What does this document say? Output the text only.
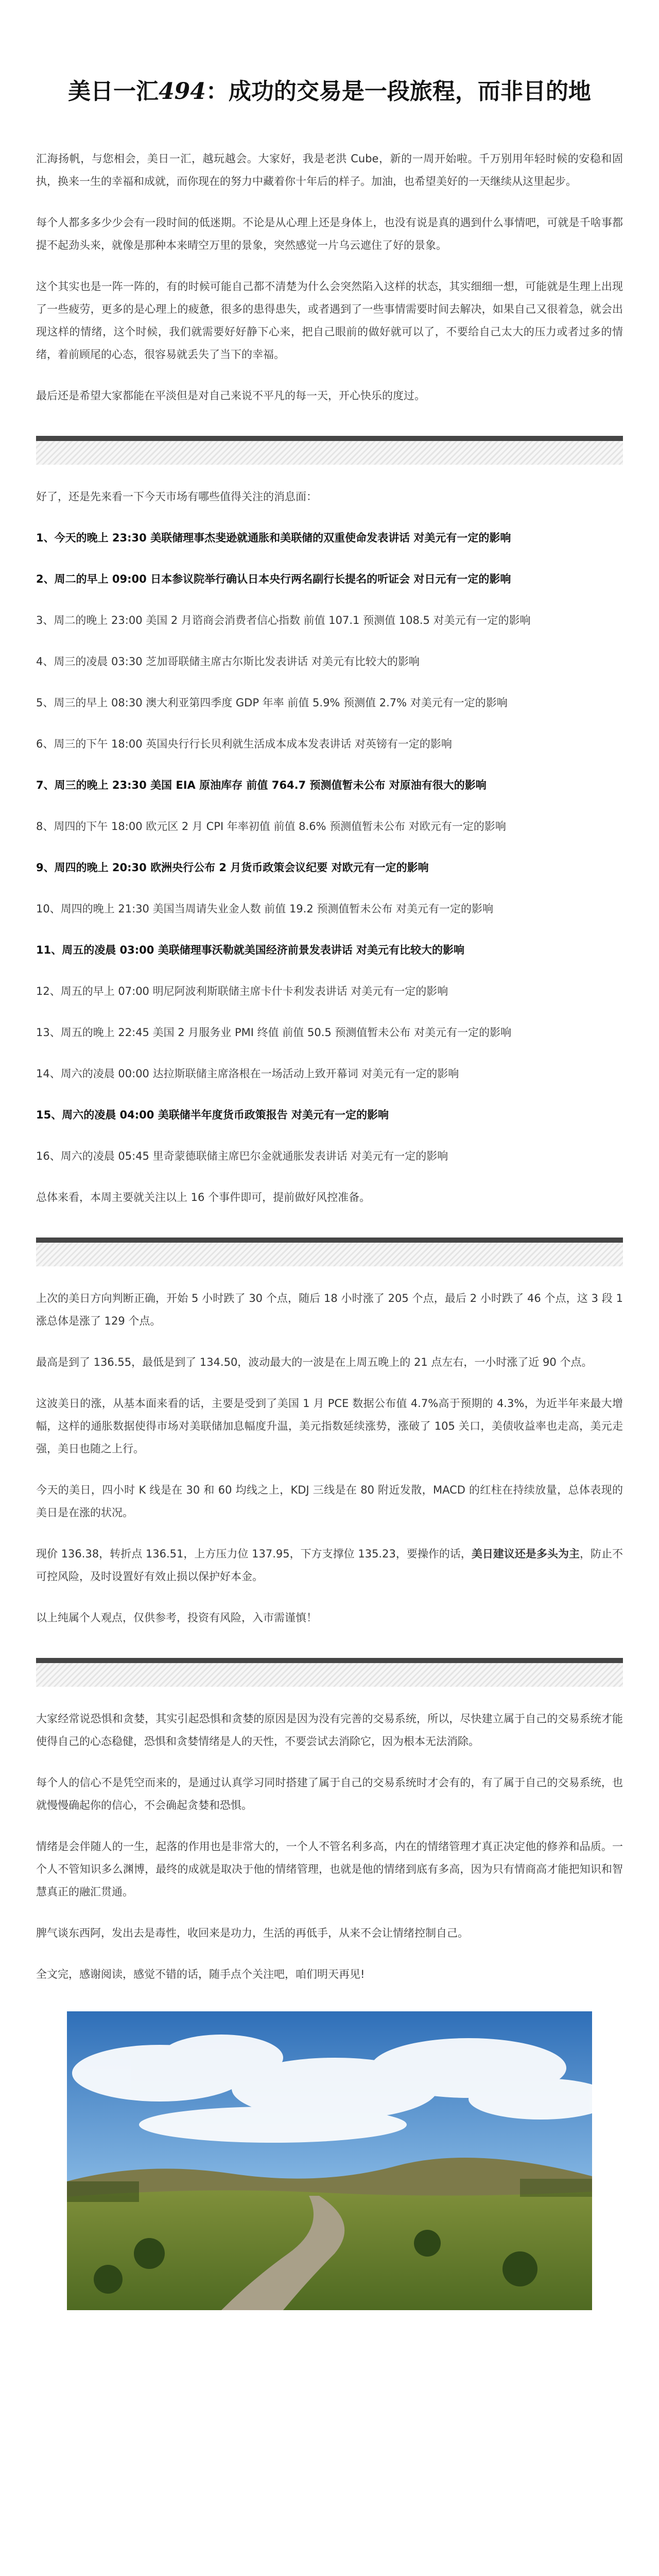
美日一汇494：成功的交易是一段旅程，而非目的地

汇海扬帆，与您相会，美日一汇，越玩越会。大家好，我是老洪 Cube，新的一周开始啦。千万别用年轻时候的安稳和固执，换来一生的幸福和成就，而你现在的努力中藏着你十年后的样子。加油，也希望美好的一天继续从这里起步。

每个人都多多少少会有一段时间的低迷期。不论是从心理上还是身体上，也没有说是真的遇到什么事情吧，可就是千啥事都提不起劲头来，就像是那种本来晴空万里的景象，突然感觉一片乌云遮住了好的景象。

这个其实也是一阵一阵的，有的时候可能自己都不清楚为什么会突然陷入这样的状态，其实细细一想，可能就是生理上出现了一些疲劳，更多的是心理上的疲惫，很多的患得患失，或者遇到了一些事情需要时间去解决，如果自己又很着急，就会出现这样的情绪，这个时候，我们就需要好好静下心来，把自己眼前的做好就可以了，不要给自己太大的压力或者过多的情绪，着前顾尾的心态，很容易就丢失了当下的幸福。

最后还是希望大家都能在平淡但是对自己来说不平凡的每一天，开心快乐的度过。

好了，还是先来看一下今天市场有哪些值得关注的消息面：

1、今天的晚上 23:30 美联储理事杰斐逊就通胀和美联储的双重使命发表讲话 对美元有一定的影响

2、周二的早上 09:00 日本参议院举行确认日本央行两名副行长提名的听证会 对日元有一定的影响

3、周二的晚上 23:00 美国 2 月谘商会消费者信心指数 前值 107.1 预测值 108.5 对美元有一定的影响

4、周三的凌晨 03:30 芝加哥联储主席古尔斯比发表讲话 对美元有比较大的影响

5、周三的早上 08:30 澳大利亚第四季度 GDP 年率 前值 5.9% 预测值 2.7% 对美元有一定的影响

6、周三的下午 18:00 英国央行行长贝利就生活成本成本发表讲话 对英镑有一定的影响

7、周三的晚上 23:30 美国 EIA 原油库存 前值 764.7 预测值暂未公布 对原油有很大的影响

8、周四的下午 18:00 欧元区 2 月 CPI 年率初值 前值 8.6% 预测值暂未公布 对欧元有一定的影响

9、周四的晚上 20:30 欧洲央行公布 2 月货币政策会议纪要 对欧元有一定的影响

10、周四的晚上 21:30 美国当周请失业金人数 前值 19.2 预测值暂未公布 对美元有一定的影响

11、周五的凌晨 03:00 美联储理事沃勒就美国经济前景发表讲话 对美元有比较大的影响

12、周五的早上 07:00 明尼阿波利斯联储主席卡什卡利发表讲话 对美元有一定的影响

13、周五的晚上 22:45 美国 2 月服务业 PMI 终值 前值 50.5 预测值暂未公布 对美元有一定的影响

14、周六的凌晨 00:00 达拉斯联储主席洛根在一场活动上致开幕词 对美元有一定的影响

15、周六的凌晨 04:00 美联储半年度货币政策报告 对美元有一定的影响

16、周六的凌晨 05:45 里奇蒙德联储主席巴尔金就通胀发表讲话 对美元有一定的影响

总体来看，本周主要就关注以上 16 个事件即可，提前做好风控准备。

上次的美日方向判断正确，开始 5 小时跌了 30 个点，随后 18 小时涨了 205 个点，最后 2 小时跌了 46 个点，这 3 段 1 涨总体是涨了 129 个点。

最高是到了 136.55，最低是到了 134.50，波动最大的一波是在上周五晚上的 21 点左右，一小时涨了近 90 个点。

这波美日的涨，从基本面来看的话，主要是受到了美国 1 月 PCE 数据公布值 4.7%高于预期的 4.3%，为近半年来最大增幅，这样的通胀数据使得市场对美联储加息幅度升温，美元指数延续涨势，涨破了 105 关口，美债收益率也走高，美元走强，美日也随之上行。

今天的美日，四小时 K 线是在 30 和 60 均线之上，KDJ 三线是在 80 附近发散，MACD 的红柱在持续放量，总体表现的美日是在涨的状况。

现价 136.38，转折点 136.51，上方压力位 137.95，下方支撑位 135.23，要操作的话，美日建议还是多头为主，防止不可控风险，及时设置好有效止损以保护好本金。

以上纯属个人观点，仅供参考，投资有风险，入市需谨慎！

大家经常说恐惧和贪婪，其实引起恐惧和贪婪的原因是因为没有完善的交易系统，所以，尽快建立属于自己的交易系统才能使得自己的心态稳健，恐惧和贪婪情绪是人的天性，不要尝试去消除它，因为根本无法消除。

每个人的信心不是凭空而来的，是通过认真学习同时搭建了属于自己的交易系统时才会有的，有了属于自己的交易系统，也就慢慢确起你的信心，不会确起贪婪和恐惧。

情绪是会伴随人的一生，起落的作用也是非常大的，一个人不管名利多高，内在的情绪管理才真正决定他的修养和品质。一个人不管知识多么渊博，最终的成就是取决于他的情绪管理，也就是他的情绪到底有多高，因为只有情商高才能把知识和智慧真正的融汇贯通。

脾气谈东西阿，发出去是毒性，收回来是功力，生活的再低手，从来不会让情绪控制自己。

全文完，感谢阅读，感觉不错的话，随手点个关注吧，咱们明天再见!
